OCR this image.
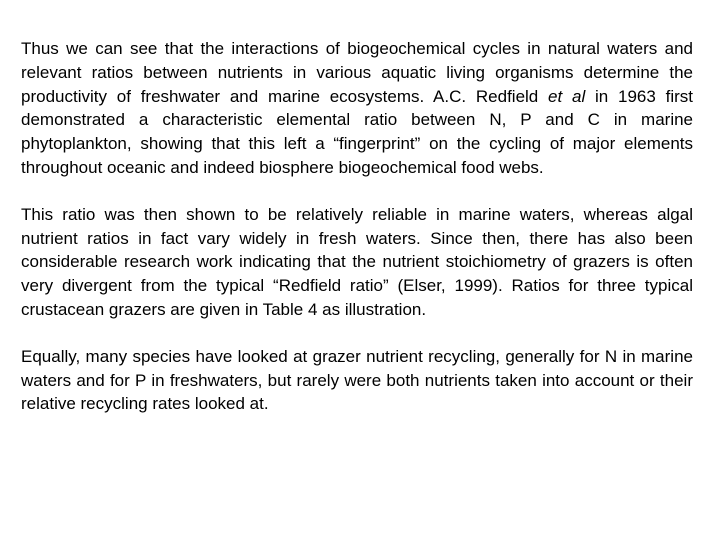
Thus we can see that the interactions of biogeochemical cycles in natural waters and relevant ratios between nutrients in various aquatic living organisms determine the productivity of freshwater and marine ecosystems. A.C. Redfield et al in 1963 first demonstrated a characteristic elemental ratio between N, P and C in marine phytoplankton, showing that this left a “fingerprint” on the cycling of major elements throughout oceanic and indeed biosphere biogeochemical food webs.

This ratio was then shown to be relatively reliable in marine waters, whereas algal nutrient ratios in fact vary widely in fresh waters. Since then, there has also been considerable research work indicating that the nutrient stoichiometry of grazers is often very divergent from the typical “Redfield ratio” (Elser, 1999). Ratios for three typical crustacean grazers are given in Table 4 as illustration.

Equally, many species have looked at grazer nutrient recycling, generally for N in marine waters and for P in freshwaters, but rarely were both nutrients taken into account or their relative recycling rates looked at.
